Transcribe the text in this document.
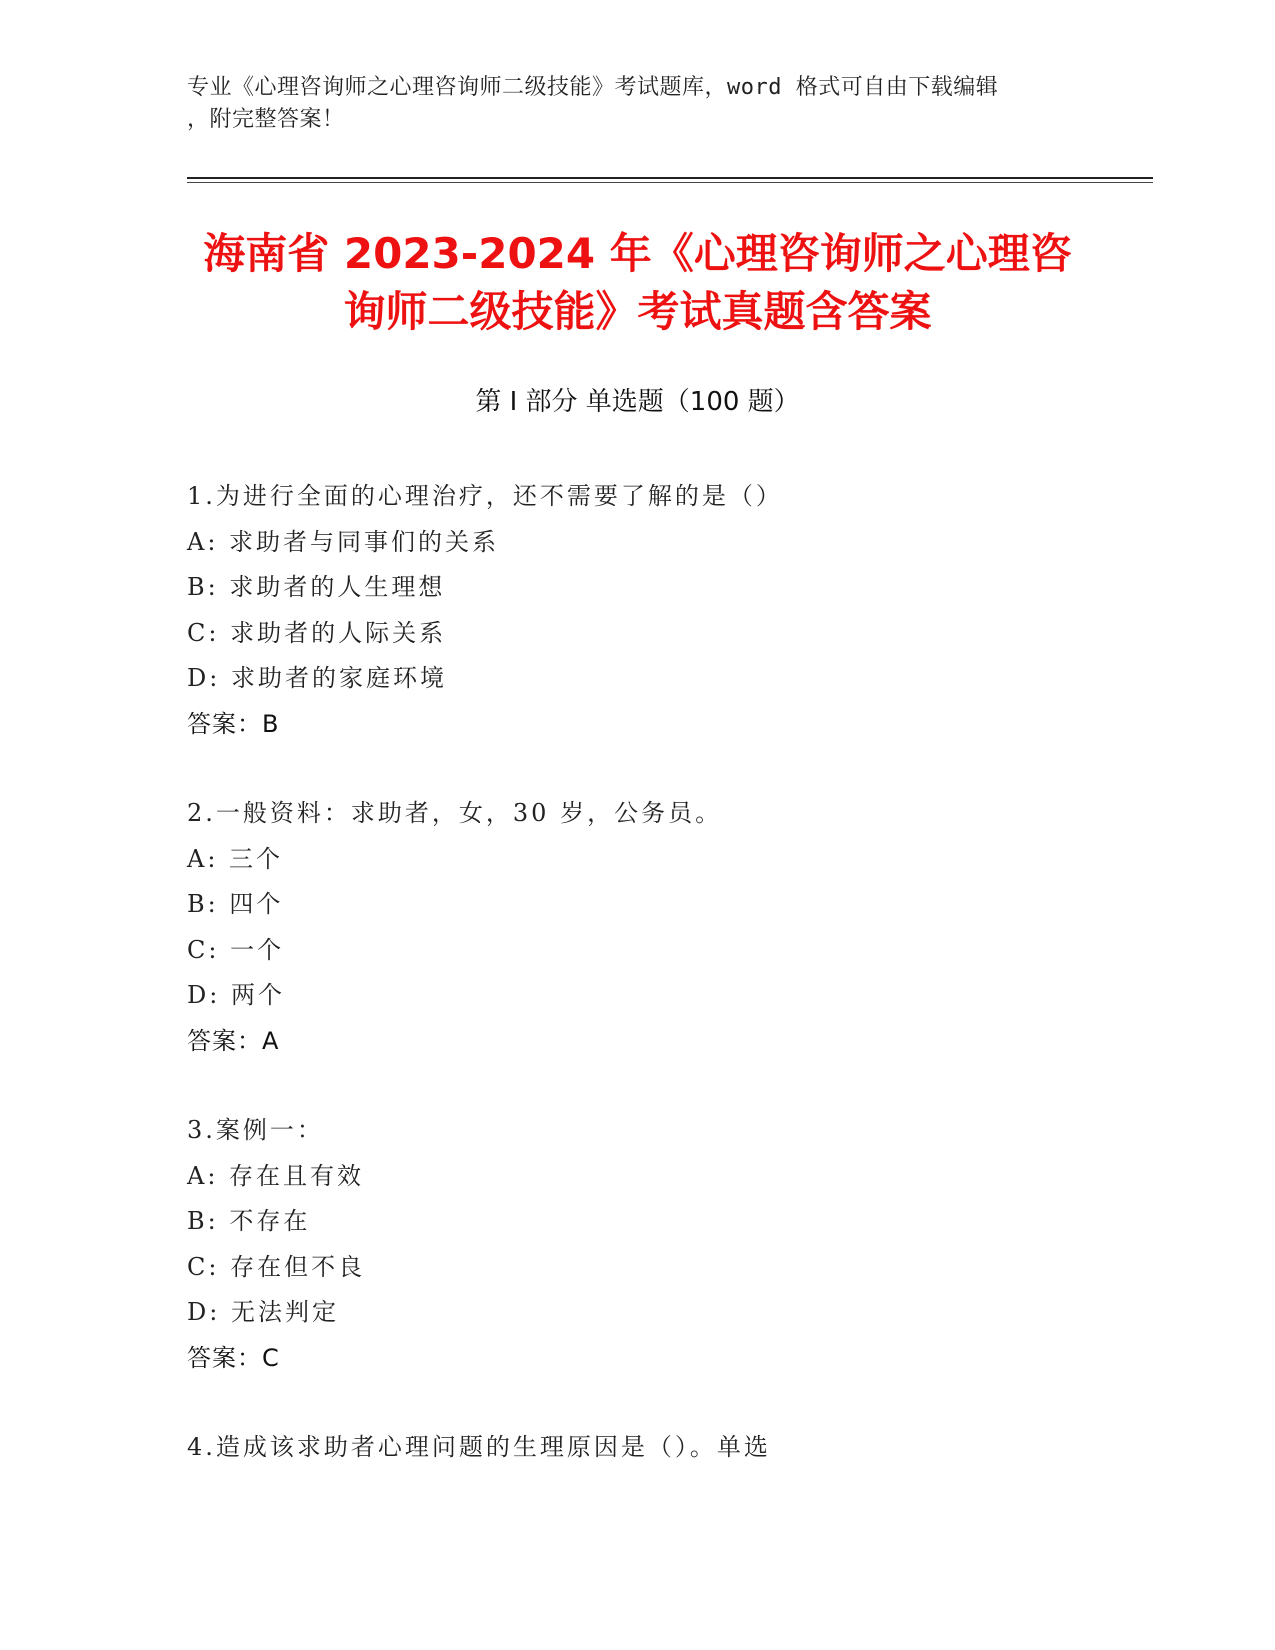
专业《心理咨询师之心理咨询师二级技能》考试题库，word 格式可自由下载编辑
，附完整答案！
海南省 2023-2024 年《心理咨询师之心理咨
询师二级技能》考试真题含答案
第 I 部分 单选题（100 题）
1.为进行全面的心理治疗，还不需要了解的是（）
A: 求助者与同事们的关系
B: 求助者的人生理想
C: 求助者的人际关系
D: 求助者的家庭环境
答案：B
2.一般资料：求助者，女，30 岁，公务员。
A: 三个
B: 四个
C: 一个
D: 两个
答案：A
3.案例一：
A: 存在且有效
B: 不存在
C: 存在但不良
D: 无法判定
答案：C
4.造成该求助者心理问题的生理原因是（）。单选
